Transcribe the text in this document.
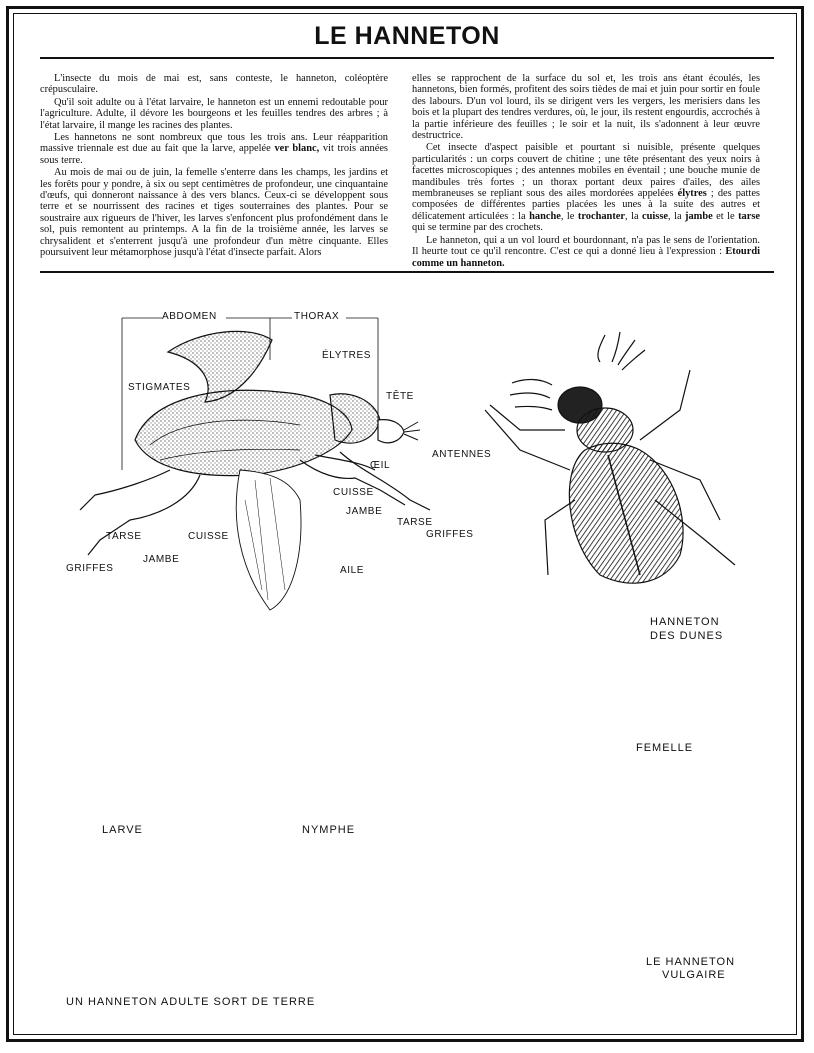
LE HANNETON

L'insecte du mois de mai est, sans conteste, le hanneton, coléoptère crépusculaire.

Qu'il soit adulte ou à l'état larvaire, le hanneton est un ennemi redoutable pour l'agriculture. Adulte, il dévore les bourgeons et les feuilles tendres des arbres ; à l'état larvaire, il mange les racines des plantes.

Les hannetons ne sont nombreux que tous les trois ans. Leur réapparition massive triennale est due au fait que la larve, appelée ver blanc, vit trois années sous terre.

Au mois de mai ou de juin, la femelle s'enterre dans les champs, les jardins et les forêts pour y pondre, à six ou sept centimètres de profondeur, une cinquantaine d'œufs, qui donneront naissance à des vers blancs. Ceux-ci se développent sous terre et se nourrissent des racines et tiges souterraines des plantes. Pour se soustraire aux rigueurs de l'hiver, les larves s'enfoncent plus profondément dans le sol, puis remontent au printemps. A la fin de la troisième année, les larves se chrysalident et s'enterrent jusqu'à une profondeur d'un mètre cinquante. Elles poursuivent leur métamorphose jusqu'à l'état d'insecte parfait. Alors

elles se rapprochent de la surface du sol et, les trois ans étant écoulés, les hannetons, bien formés, profitent des soirs tièdes de mai et juin pour sortir en foule des labours. D'un vol lourd, ils se dirigent vers les vergers, les merisiers dans les bois et la plupart des tendres verdures, où, le jour, ils restent engourdis, accrochés à la partie inférieure des feuilles ; le soir et la nuit, ils s'adonnent à leur œuvre destructrice.

Cet insecte d'aspect paisible et pourtant si nuisible, présente quelques particularités : un corps couvert de chitine ; une tête présentant des yeux noirs à facettes microscopiques ; des antennes mobiles en éventail ; une bouche munie de mandibules très fortes ; un thorax portant deux paires d'ailes, des ailes membraneuses se repliant sous des ailes mordorées appelées élytres ; des pattes composées de différentes parties placées les unes à la suite des autres et délicatement articulées : la hanche, le trochanter, la cuisse, la jambe et le tarse qui se termine par des crochets.

Le hanneton, qui a un vol lourd et bourdonnant, n'a pas le sens de l'orientation. Il heurte tout ce qu'il rencontre. C'est ce qui a donné lieu à l'expression : Etourdi comme un hanneton.

ABDOMEN	THORAX
ÉLYTRES
STIGMATES
TÊTE
ANTENNES
ŒIL
CUISSE
JAMBE
TARSE
GRIFFES
TARSE	CUISSE
JAMBE
GRIFFES	AILE
HANNETON
DES DUNES
FEMELLE
LARVE	NYMPHE
LE HANNETON
VULGAIRE
UN HANNETON ADULTE SORT DE TERRE
